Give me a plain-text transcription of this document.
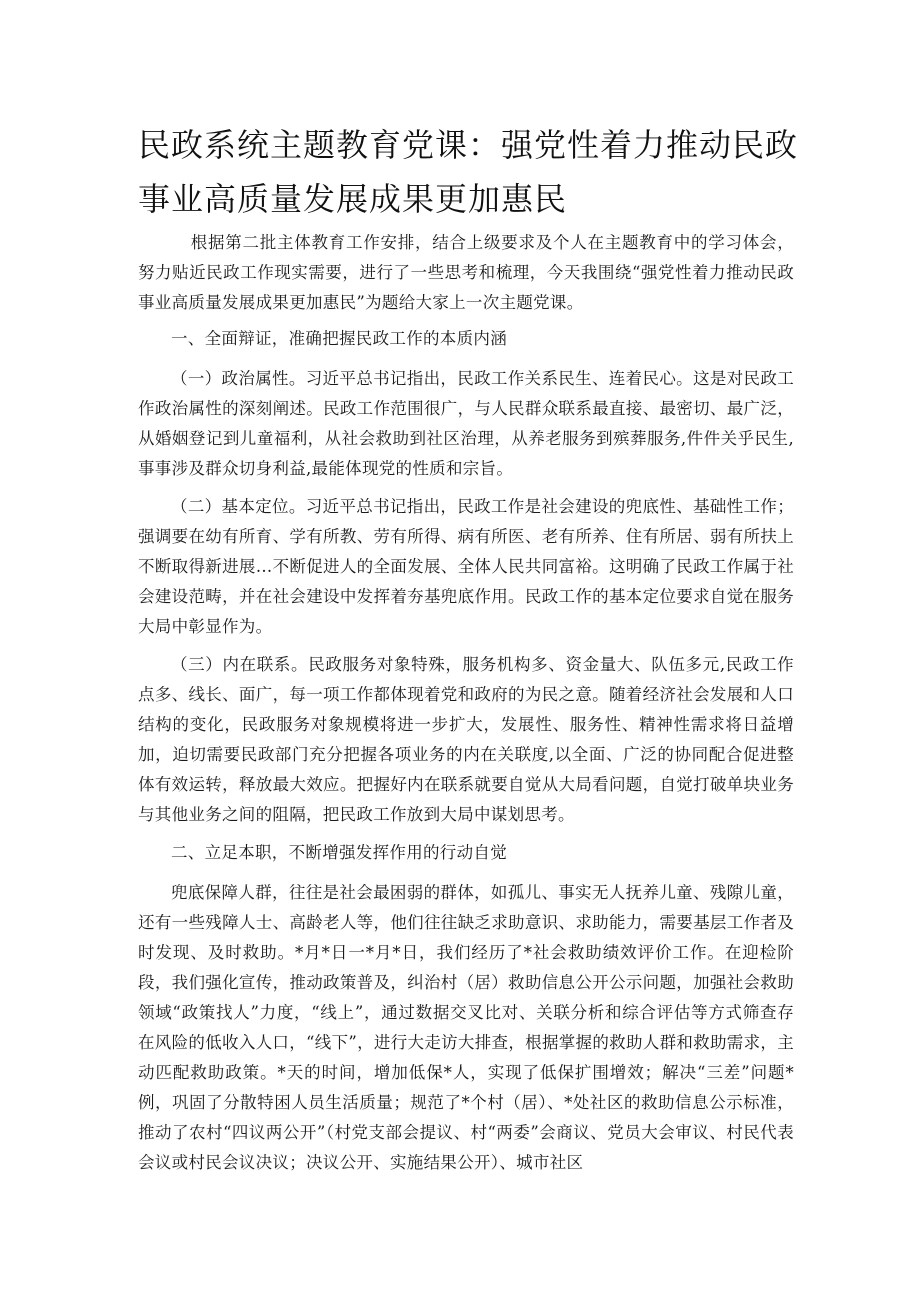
民政系统主题教育党课：强党性着力推动民政事业高质量发展成果更加惠民

根据第二批主体教育工作安排，结合上级要求及个人在主题教育中的学习体会，努力贴近民政工作现实需要，进行了一些思考和梳理，今天我围绕“强党性着力推动民政事业高质量发展成果更加惠民”为题给大家上一次主题党课。

一、全面辩证，准确把握民政工作的本质内涵

（一）政治属性。习近平总书记指出，民政工作关系民生、连着民心。这是对民政工作政治属性的深刻阐述。民政工作范围很广，与人民群众联系最直接、最密切、最广泛，从婚姻登记到儿童福利，从社会救助到社区治理，从养老服务到殡葬服务,件件关乎民生,事事涉及群众切身利益,最能体现党的性质和宗旨。

（二）基本定位。习近平总书记指出，民政工作是社会建设的兜底性、基础性工作；强调要在幼有所育、学有所教、劳有所得、病有所医、老有所养、住有所居、弱有所扶上不断取得新进展…不断促进人的全面发展、全体人民共同富裕。这明确了民政工作属于社会建设范畴，并在社会建设中发挥着夯基兜底作用。民政工作的基本定位要求自觉在服务大局中彰显作为。

（三）内在联系。民政服务对象特殊，服务机构多、资金量大、队伍多元,民政工作点多、线长、面广，每一项工作都体现着党和政府的为民之意。随着经济社会发展和人口结构的变化，民政服务对象规模将进一步扩大，发展性、服务性、精神性需求将日益增加，迫切需要民政部门充分把握各项业务的内在关联度,以全面、广泛的协同配合促进整体有效运转，释放最大效应。把握好内在联系就要自觉从大局看问题，自觉打破单块业务与其他业务之间的阻隔，把民政工作放到大局中谋划思考。

二、立足本职，不断增强发挥作用的行动自觉

兜底保障人群，往往是社会最困弱的群体，如孤儿、事实无人抚养儿童、残隙儿童，还有一些残障人士、高龄老人等，他们往往缺乏求助意识、求助能力，需要基层工作者及时发现、及时救助。*月*日一*月*日，我们经历了*社会救助绩效评价工作。在迎检阶段，我们强化宣传，推动政策普及，纠治村（居）救助信息公开公示问题，加强社会救助领域“政策找人”力度，“线上”，通过数据交叉比对、关联分析和综合评估等方式筛查存在风险的低收入人口，“线下”，进行大走访大排查，根据掌握的救助人群和救助需求，主动匹配救助政策。*天的时间，增加低保*人，实现了低保扩围增效；解决“三差”问题*例，巩固了分散特困人员生活质量；规范了*个村（居）、*处社区的救助信息公示标准，推动了农村“四议两公开”（村党支部会提议、村“两委”会商议、党员大会审议、村民代表会议或村民会议决议；决议公开、实施结果公开）、城市社区
